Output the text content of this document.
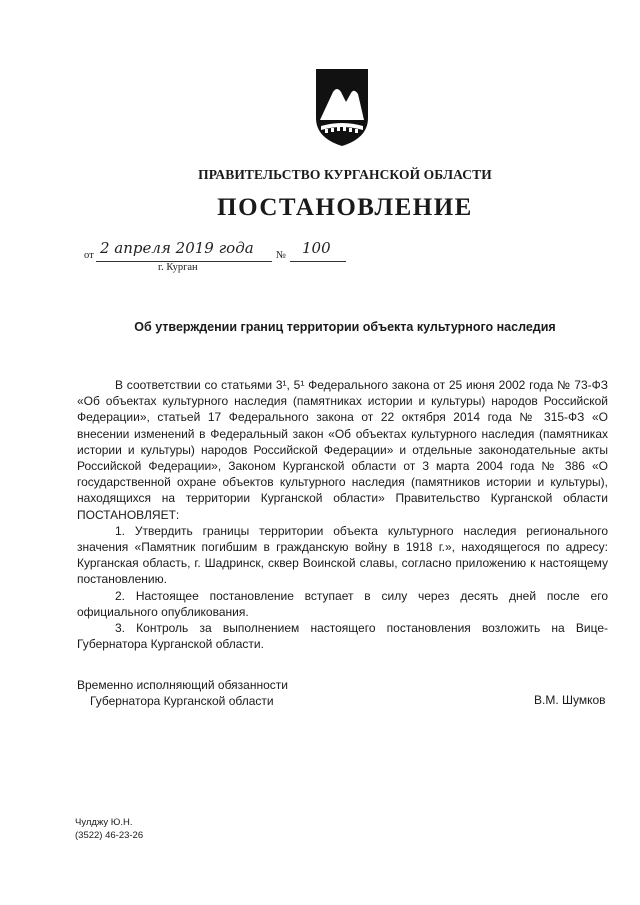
ПРАВИТЕЛЬСТВО КУРГАНСКОЙ ОБЛАСТИ
ПОСТАНОВЛЕНИЕ
от 2 апреля 2019 года № 100
г. Курган
Об утверждении границ территории объекта культурного наследия

В соответствии со статьями 3¹, 5¹ Федерального закона от 25 июня 2002 года № 73-ФЗ «Об объектах культурного наследия (памятниках истории и культуры) народов Российской Федерации», статьей 17 Федерального закона от 22 октября 2014 года № 315-ФЗ «О внесении изменений в Федеральный закон «Об объектах культурного наследия (памятниках истории и культуры) народов Российской Федерации» и отдельные законодательные акты Российской Федерации», Законом Курганской области от 3 марта 2004 года № 386 «О государственной охране объектов культурного наследия (памятников истории и культуры), находящихся на территории Курганской области» Правительство Курганской области ПОСТАНОВЛЯЕТ:

1. Утвердить границы территории объекта культурного наследия регионального значения «Памятник погибшим в гражданскую войну в 1918 г.», находящегося по адресу: Курганская область, г. Шадринск, сквер Воинской славы, согласно приложению к настоящему постановлению.

2. Настоящее постановление вступает в силу через десять дней после его официального опубликования.

3. Контроль за выполнением настоящего постановления возложить на Вице-Губернатора Курганской области.

Временно исполняющий обязанности
Губернатора Курганской области	В.М. Шумков
Чулджу Ю.Н.
(3522) 46-23-26
